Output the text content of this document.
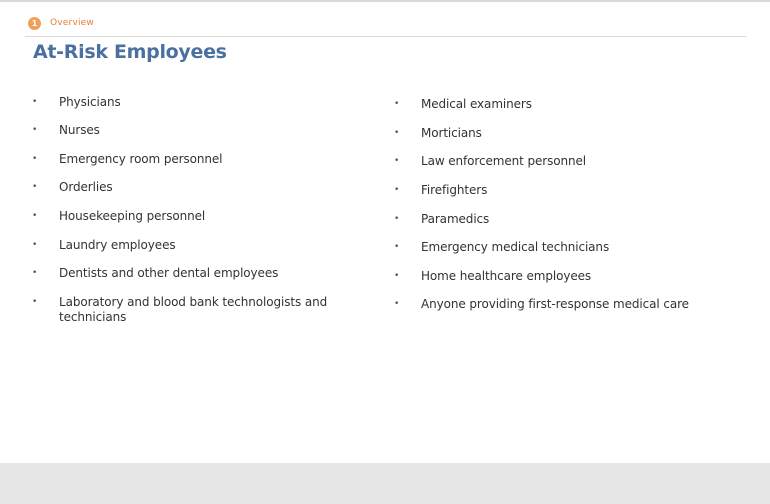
1	Overview
At-Risk Employees
•	Physicians
•	Nurses
•	Emergency room personnel
•	Orderlies
•	Housekeeping personnel
•	Laundry employees
•	Dentists and other dental employees
•	Laboratory and blood bank technologists and technicians
•	Medical examiners
•	Morticians
•	Law enforcement personnel
•	Firefighters
•	Paramedics
•	Emergency medical technicians
•	Home healthcare employees
•	Anyone providing first-response medical care
